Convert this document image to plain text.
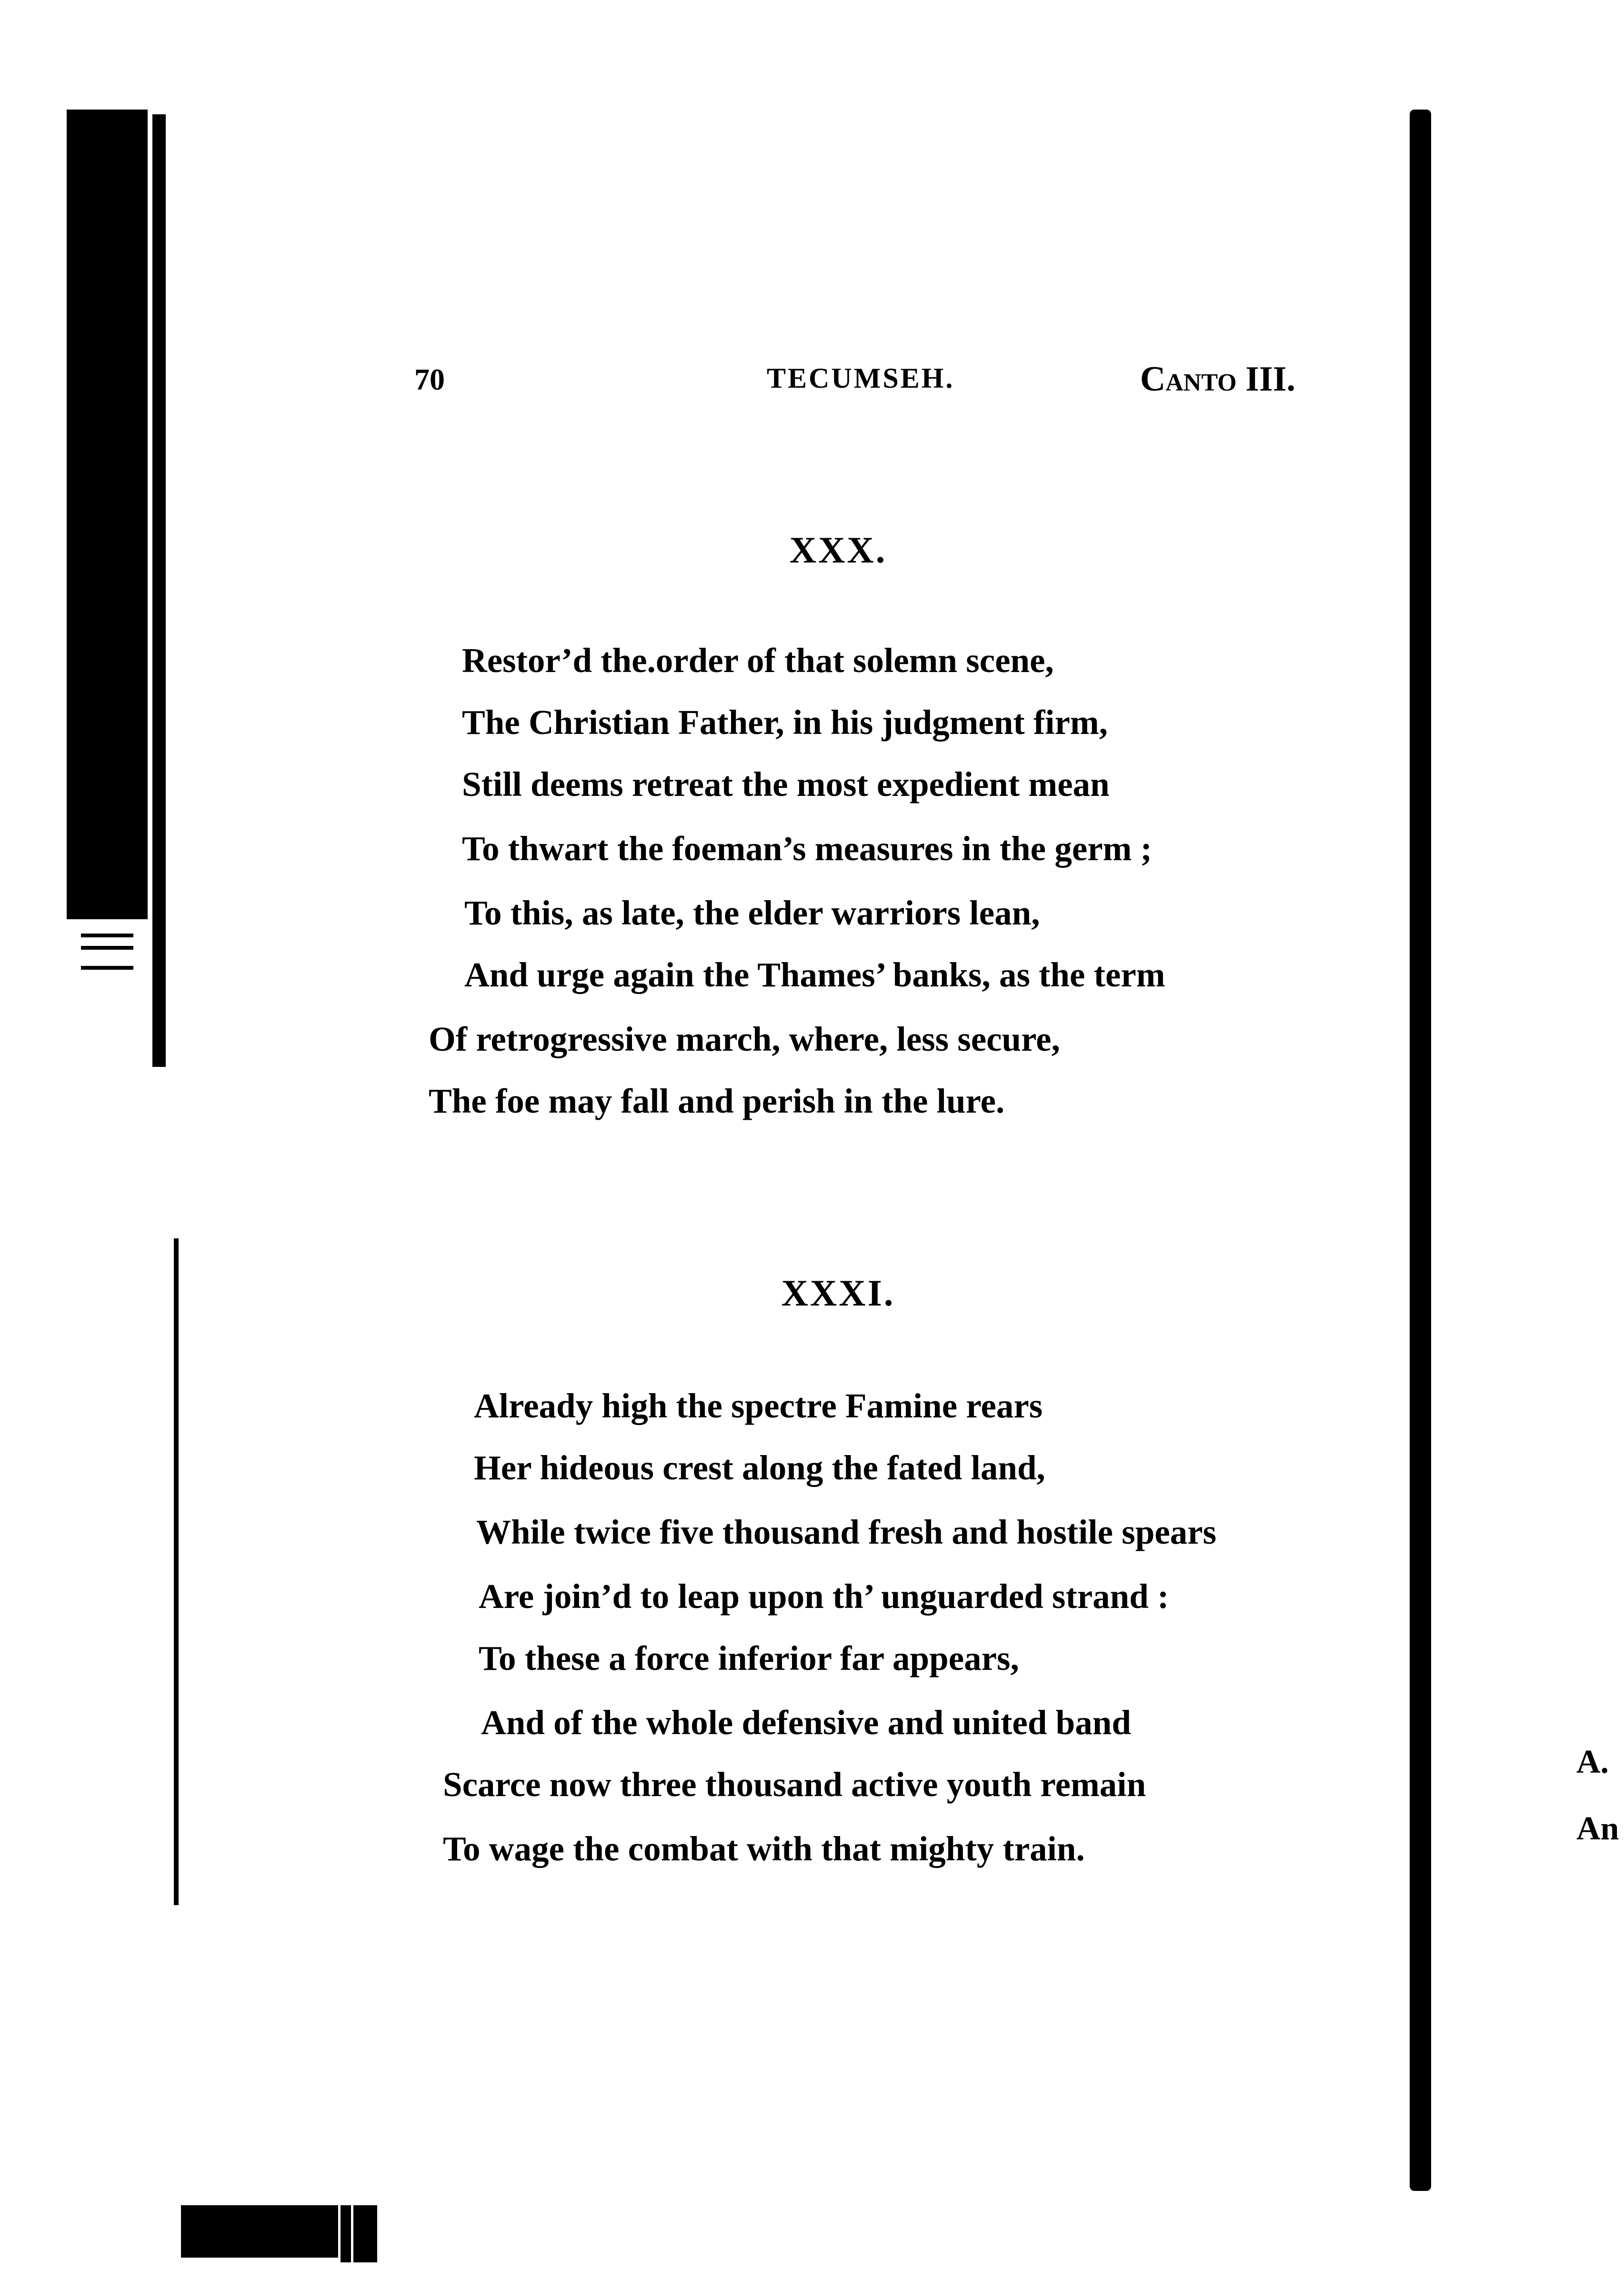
A.
An
70	TECUMSEH.	Canto III.
XXX.
Restor’d the.order of that solemn scene,
The Christian Father, in his judgment firm,
Still deems retreat the most expedient mean
To thwart the foeman’s measures in the germ ;
To this, as late, the elder warriors lean,
And urge again the Thames’ banks, as the term
Of retrogressive march, where, less secure,
The foe may fall and perish in the lure.
XXXI.
Already high the spectre Famine rears
Her hideous crest along the fated land,
While twice five thousand fresh and hostile spears
Are join’d to leap upon th’ unguarded strand :
To these a force inferior far appears,
And of the whole defensive and united band
Scarce now three thousand active youth remain
To wage the combat with that mighty train.
